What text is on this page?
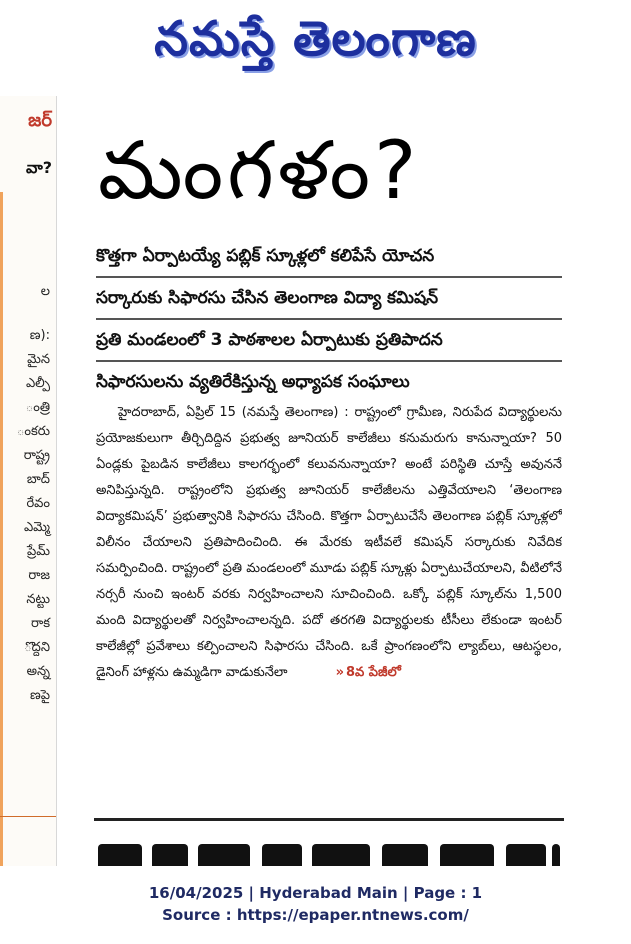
నమస్తే తెలంగాణ
జర్
వా?
ల
ణ):
మైన
ఎల్పీ
ంత్రి
ంకరు
రాష్ట్ర
బాద్
రేవం
ఎమ్మె
ప్రేమ్
రాజ
నట్టు
రాక
ొద్దని
అన్న
ణపై
మంగళం?
కొత్తగా ఏర్పాటయ్యే పబ్లిక్ స్కూళ్లలో కలిపేసే యోచన
సర్కారుకు సిఫారసు చేసిన తెలంగాణ విద్యా కమిషన్
ప్రతి మండలంలో 3 పాఠశాలల ఏర్పాటుకు ప్రతిపాదన
సిఫారసులను వ్యతిరేకిస్తున్న అధ్యాపక సంఘాలు

హైదరాబాద్, ఏప్రిల్ 15 (నమస్తే తెలంగాణ) : రాష్ట్రంలో గ్రామీణ, నిరుపేద విద్యార్థులను ప్రయోజకులుగా తీర్చిదిద్దిన ప్రభుత్వ జూనియర్ కాలేజీలు కనుమరుగు కానున్నాయా? 50 ఏండ్లకు పైబడిన కాలేజీలు కాలగర్భంలో కలువనున్నాయా? అంటే పరిస్థితి చూస్తే అవుననే అనిపిస్తున్నది. రాష్ట్రంలోని ప్రభుత్వ జూనియర్ కాలేజీలను ఎత్తివేయాలని ‘తెలంగాణ విద్యాకమిషన్’ ప్రభుత్వానికి సిఫారసు చేసింది. కొత్తగా ఏర్పాటుచేసే తెలంగాణ పబ్లిక్ స్కూళ్లలో విలీనం చేయాలని ప్రతిపాదించింది. ఈ మేరకు ఇటీవలే కమిషన్ సర్కారుకు నివేదిక సమర్పించింది. రాష్ట్రంలో ప్రతి మండలంలో మూడు పబ్లిక్ స్కూళ్లు ఏర్పాటుచేయాలని, వీటిలోనే నర్సరీ నుంచి ఇంటర్ వరకు నిర్వహించాలని సూచించింది. ఒక్కో పబ్లిక్ స్కూల్‌ను 1,500 మంది విద్యార్థులతో నిర్వహించాలన్నది. పదో తరగతి విద్యార్థులకు టీసీలు లేకుండా ఇంటర్ కాలేజీల్లో ప్రవేశాలు కల్పించాలని సిఫారసు చేసింది. ఒకే ప్రాంగణంలోని ల్యాబ్‌లు, ఆటస్థలం, డైనింగ్ హాళ్లను ఉమ్మడిగా వాడుకునేలా	» 8వ పేజీలో

16/04/2025 | Hyderabad Main | Page : 1
Source : https://epaper.ntnews.com/
